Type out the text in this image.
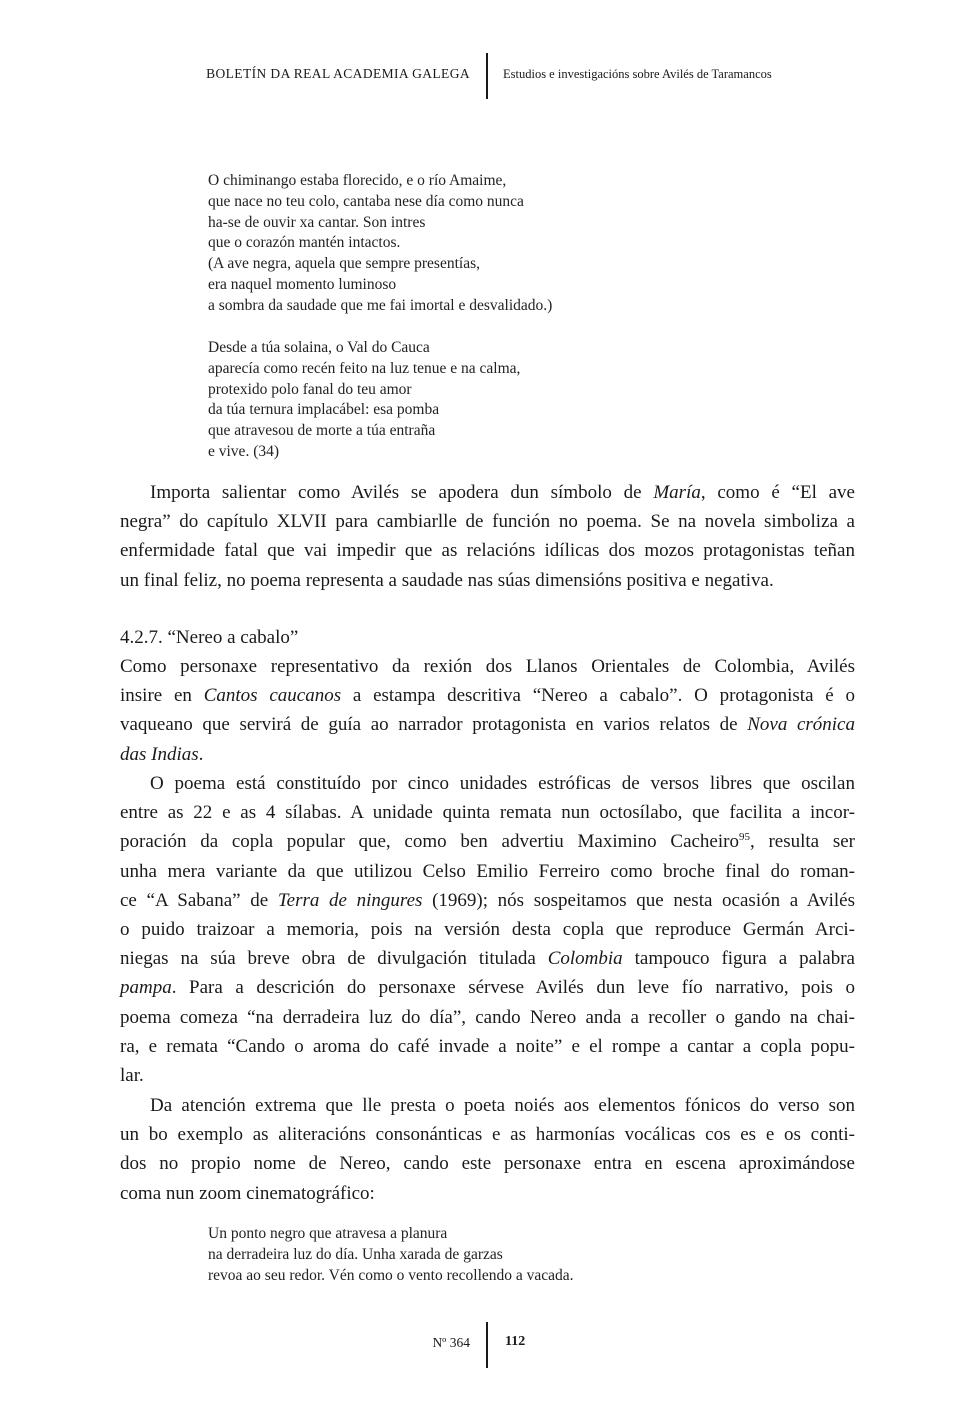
BOLETÍN DA REAL ACADEMIA GALEGA	Estudios e investigacións sobre Avilés de Taramancos
O chiminango estaba florecido, e o río Amaime,
que nace no teu colo, cantaba nese día como nunca
ha-se de ouvir xa cantar. Son intres
que o corazón mantén intactos.
(A ave negra, aquela que sempre presentías,
era naquel momento luminoso
a sombra da saudade que me fai imortal e desvalidado.)
Desde a túa solaina, o Val do Cauca
aparecía como recén feito na luz tenue e na calma,
protexido polo fanal do teu amor
da túa ternura implacábel: esa pomba
que atravesou de morte a túa entraña
e vive. (34)
Importa salientar como Avilés se apodera dun símbolo de María, como é “El ave
negra” do capítulo XLVII para cambiarlle de función no poema. Se na novela simboliza a
enfermidade fatal que vai impedir que as relacións idílicas dos mozos protagonistas teñan
un final feliz, no poema representa a saudade nas súas dimensións positiva e negativa.
4.2.7. “Nereo a cabalo”
Como personaxe representativo da rexión dos Llanos Orientales de Colombia, Avilés
insire en Cantos caucanos a estampa descritiva “Nereo a cabalo”. O protagonista é o
vaqueano que servirá de guía ao narrador protagonista en varios relatos de Nova crónica
das Indias.
O poema está constituído por cinco unidades estróficas de versos libres que oscilan
entre as 22 e as 4 sílabas. A unidade quinta remata nun octosílabo, que facilita a incor-
poración da copla popular que, como ben advertiu Maximino Cacheiro$^{95}$, resulta ser
unha mera variante da que utilizou Celso Emilio Ferreiro como broche final do roman-
ce “A Sabana” de Terra de ningures (1969); nós sospeitamos que nesta ocasión a Avilés
o puido traizoar a memoria, pois na versión desta copla que reproduce Germán Arci-
niegas na súa breve obra de divulgación titulada Colombia tampouco figura a palabra
pampa. Para a descrición do personaxe sérvese Avilés dun leve fío narrativo, pois o
poema comeza “na derradeira luz do día”, cando Nereo anda a recoller o gando na chai-
ra, e remata “Cando o aroma do café invade a noite” e el rompe a cantar a copla popu-
lar.
Da atención extrema que lle presta o poeta noiés aos elementos fónicos do verso son
un bo exemplo as aliteracións consonánticas e as harmonías vocálicas cos es e os conti-
dos no propio nome de Nereo, cando este personaxe entra en escena aproximándose
coma nun zoom cinematográfico:
Un ponto negro que atravesa a planura
na derradeira luz do día. Unha xarada de garzas
revoa ao seu redor. Vén como o vento recollendo a vacada.
Nº 364	112
